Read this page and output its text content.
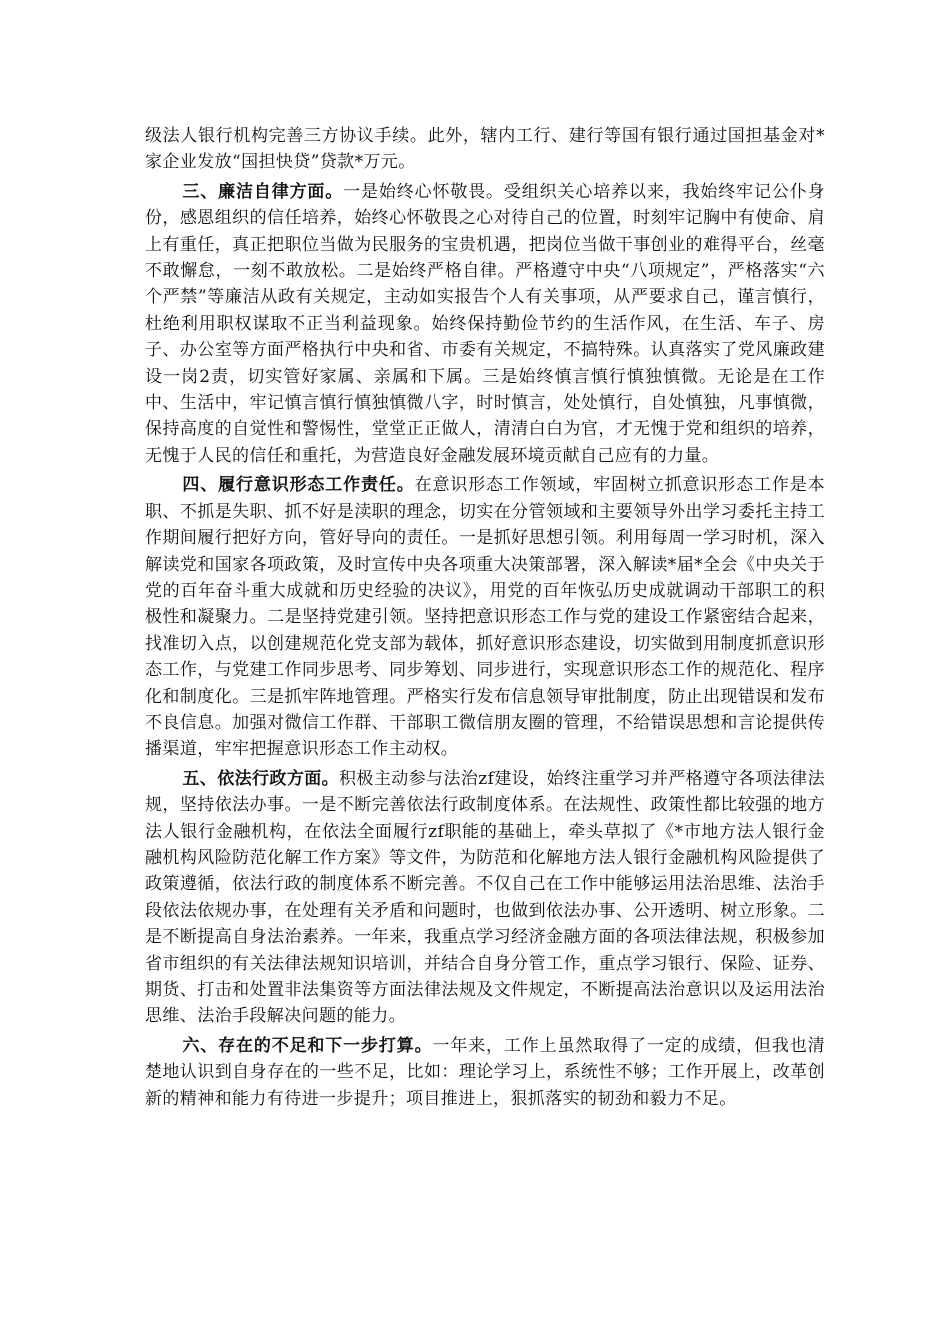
级法人银行机构完善三方协议手续。此外，辖内工行、建行等国有银行通过国担基金对*家企业发放“国担快贷”贷款*万元。

三、廉洁自律方面。一是始终心怀敬畏。受组织关心培养以来，我始终牢记公仆身份，感恩组织的信任培养，始终心怀敬畏之心对待自己的位置，时刻牢记胸中有使命、肩上有重任，真正把职位当做为民服务的宝贵机遇，把岗位当做干事创业的难得平台，丝毫不敢懈怠，一刻不敢放松。二是始终严格自律。严格遵守中央“八项规定”，严格落实“六个严禁”等廉洁从政有关规定，主动如实报告个人有关事项，从严要求自己，谨言慎行，杜绝利用职权谋取不正当利益现象。始终保持勤俭节约的生活作风，在生活、车子、房子、办公室等方面严格执行中央和省、市委有关规定，不搞特殊。认真落实了党风廉政建设一岗2责，切实管好家属、亲属和下属。三是始终慎言慎行慎独慎微。无论是在工作中、生活中，牢记慎言慎行慎独慎微八字，时时慎言，处处慎行，自处慎独，凡事慎微，保持高度的自觉性和警惕性，堂堂正正做人，清清白白为官，才无愧于党和组织的培养，无愧于人民的信任和重托，为营造良好金融发展环境贡献自己应有的力量。

四、履行意识形态工作责任。在意识形态工作领域，牢固树立抓意识形态工作是本职、不抓是失职、抓不好是渎职的理念，切实在分管领域和主要领导外出学习委托主持工作期间履行把好方向，管好导向的责任。一是抓好思想引领。利用每周一学习时机，深入解读党和国家各项政策，及时宣传中央各项重大决策部署，深入解读*届*全会《中央关于党的百年奋斗重大成就和历史经验的决议》，用党的百年恢弘历史成就调动干部职工的积极性和凝聚力。二是坚持党建引领。坚持把意识形态工作与党的建设工作紧密结合起来，找准切入点，以创建规范化党支部为载体，抓好意识形态建设，切实做到用制度抓意识形态工作，与党建工作同步思考、同步筹划、同步进行，实现意识形态工作的规范化、程序化和制度化。三是抓牢阵地管理。严格实行发布信息领导审批制度，防止出现错误和发布不良信息。加强对微信工作群、干部职工微信朋友圈的管理，不给错误思想和言论提供传播渠道，牢牢把握意识形态工作主动权。

五、依法行政方面。积极主动参与法治zf建设，始终注重学习并严格遵守各项法律法规，坚持依法办事。一是不断完善依法行政制度体系。在法规性、政策性都比较强的地方法人银行金融机构，在依法全面履行zf职能的基础上，牵头草拟了《*市地方法人银行金融机构风险防范化解工作方案》等文件，为防范和化解地方法人银行金融机构风险提供了政策遵循，依法行政的制度体系不断完善。不仅自己在工作中能够运用法治思维、法治手段依法依规办事，在处理有关矛盾和问题时，也做到依法办事、公开透明、树立形象。二是不断提高自身法治素养。一年来，我重点学习经济金融方面的各项法律法规，积极参加省市组织的有关法律法规知识培训，并结合自身分管工作，重点学习银行、保险、证券、期货、打击和处置非法集资等方面法律法规及文件规定，不断提高法治意识以及运用法治思维、法治手段解决问题的能力。

六、存在的不足和下一步打算。一年来，工作上虽然取得了一定的成绩，但我也清楚地认识到自身存在的一些不足，比如：理论学习上，系统性不够；工作开展上，改革创新的精神和能力有待进一步提升；项目推进上，狠抓落实的韧劲和毅力不足。
